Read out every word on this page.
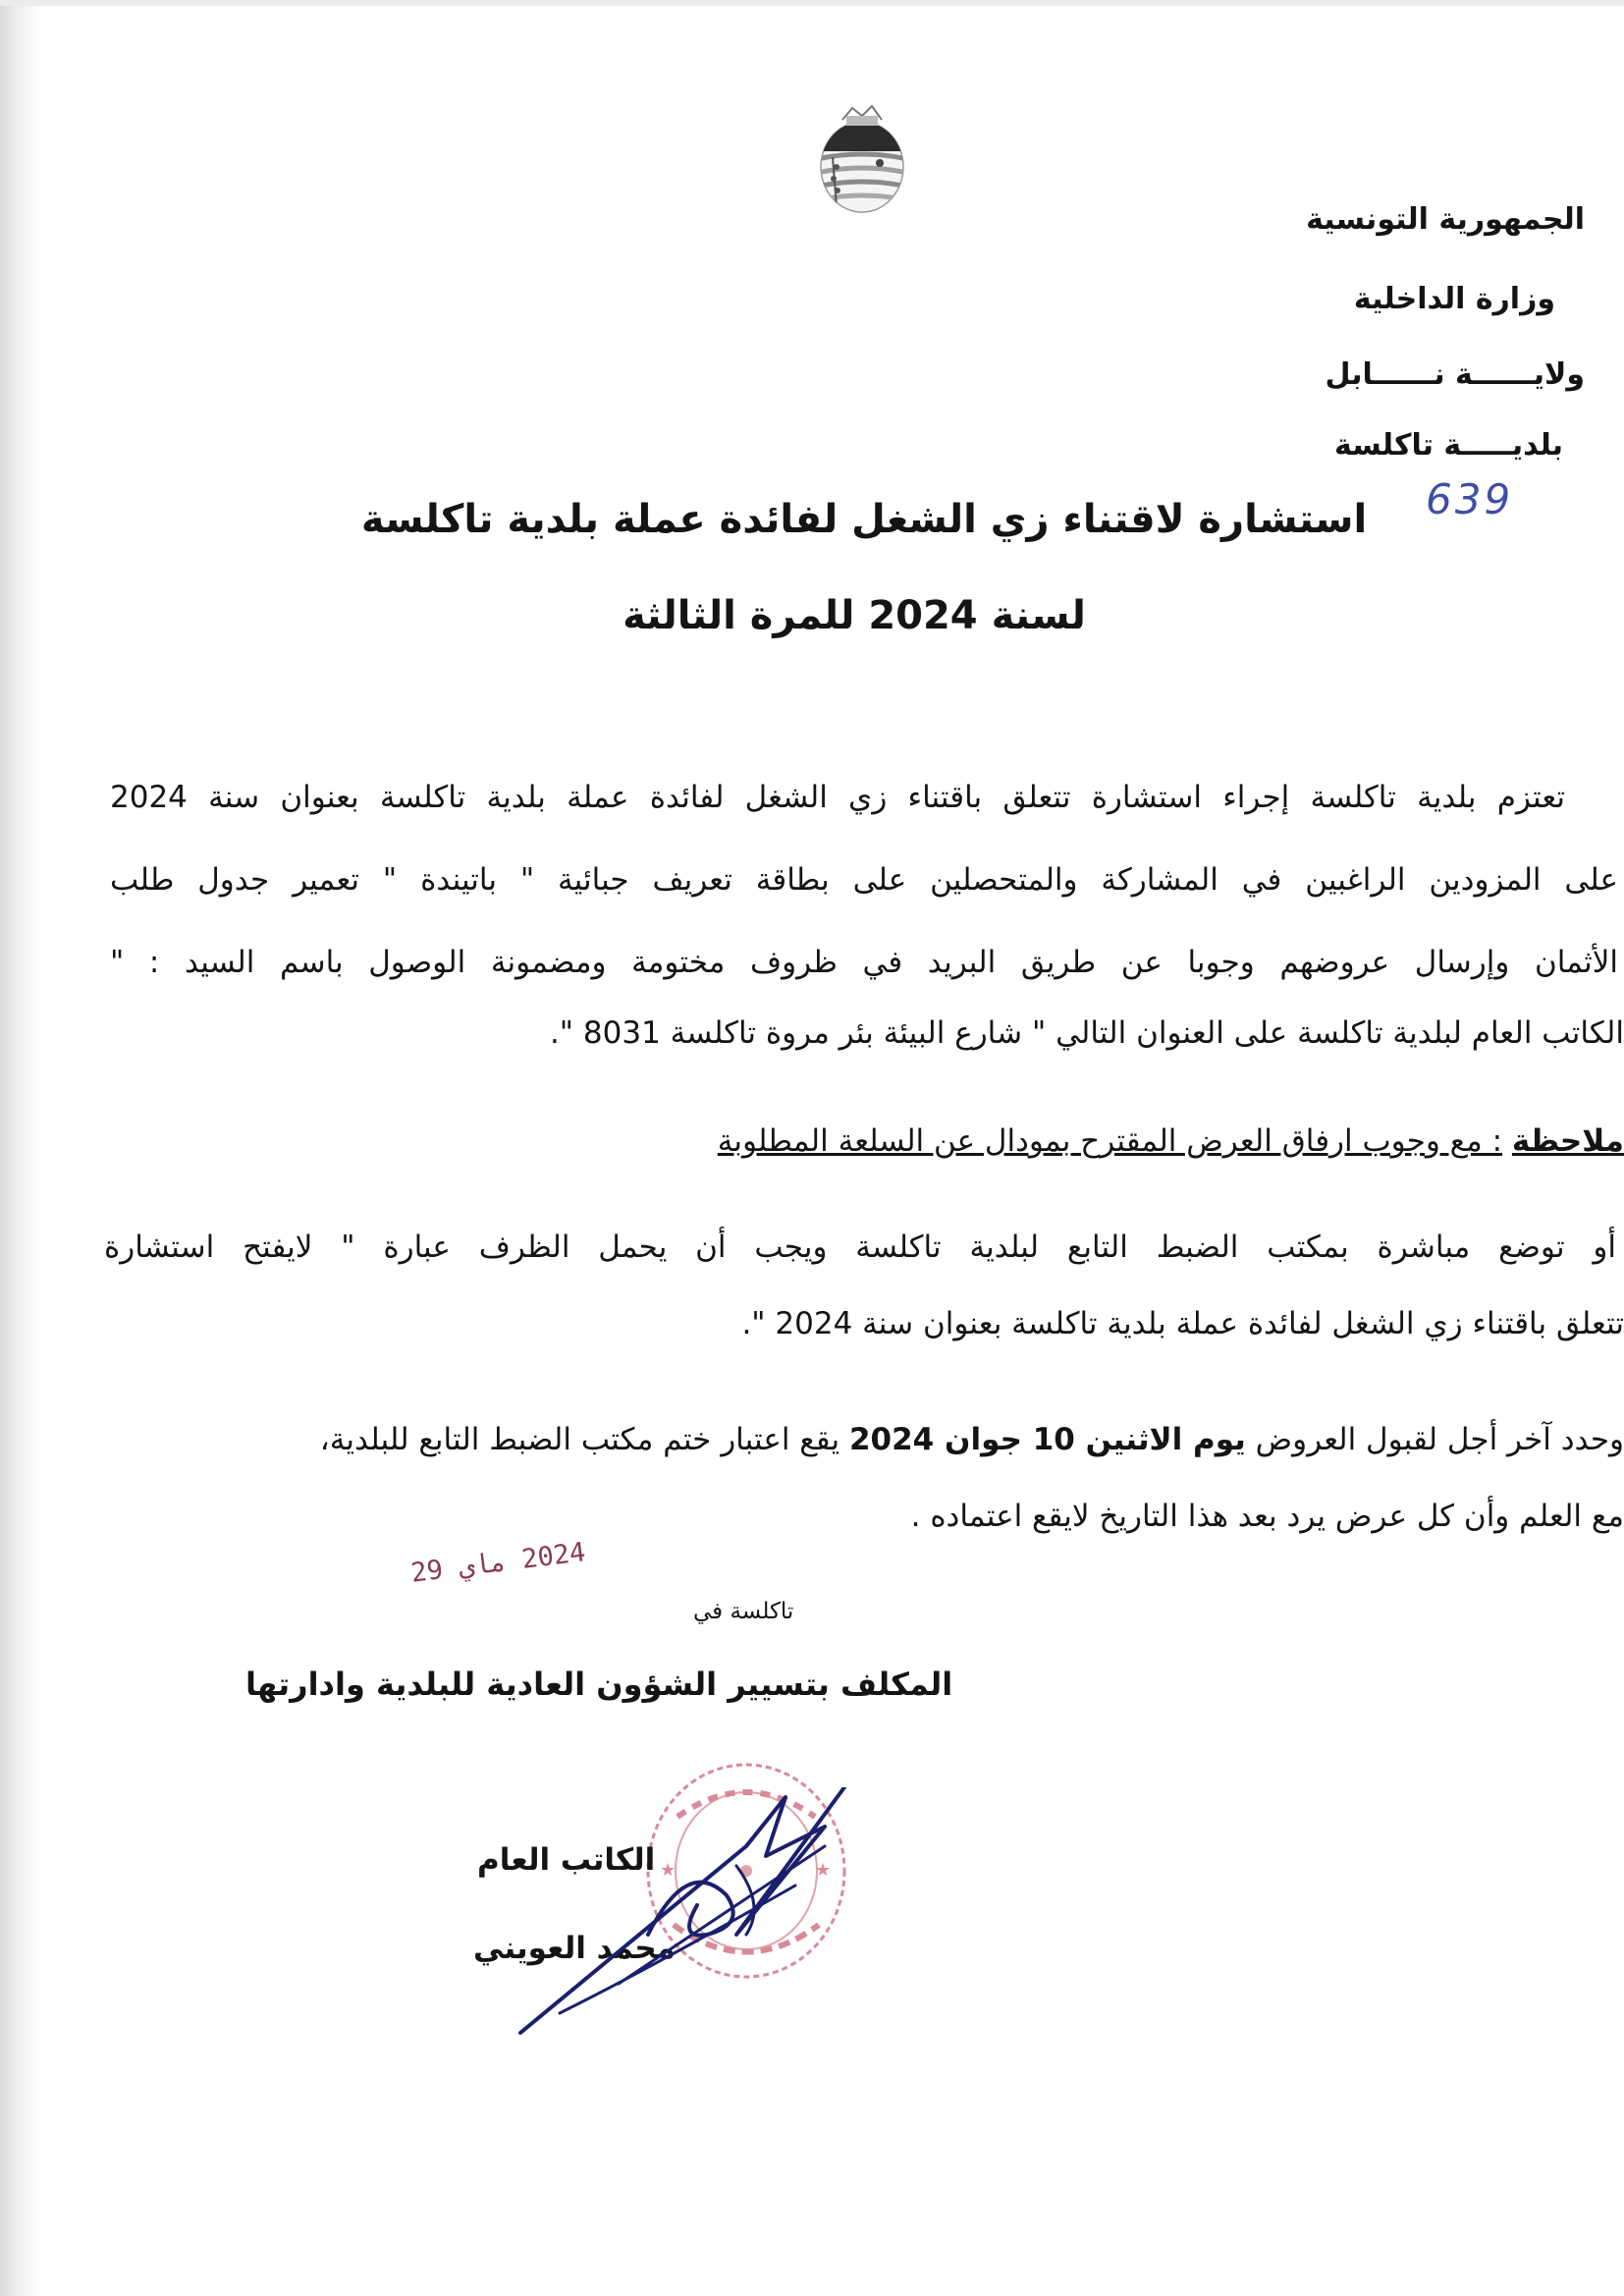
الجمهورية التونسية
وزارة الداخلية
ولايــــــة نــــــابل
بلديـــــة تاكلسة
639
استشارة لاقتناء زي الشغل لفائدة عملة بلدية تاكلسة
لسنة 2024 للمرة الثالثة
تعتزم بلدية تاكلسة إجراء استشارة تتعلق باقتناء زي الشغل لفائدة عملة بلدية تاكلسة بعنوان سنة 2024
على المزودين الراغبين في المشاركة والمتحصلين على بطاقة تعريف جبائية " باتيندة " تعمير جدول طلب
الأثمان وإرسال عروضهم وجوبا عن طريق البريد في ظروف مختومة ومضمونة الوصول باسم السيد : "
الكاتب العام لبلدية تاكلسة على العنوان التالي " شارع البيئة بئر مروة تاكلسة 8031 ".
ملاحظة : مع وجوب ارفاق العرض المقترح بمودال عن السلعة المطلوبة
أو توضع مباشرة بمكتب الضبط التابع لبلدية تاكلسة ويجب أن يحمل الظرف عبارة " لايفتح استشارة
تتعلق باقتناء زي الشغل لفائدة عملة بلدية تاكلسة بعنوان سنة 2024 ".
وحدد آخر أجل لقبول العروض يوم الاثنين 10 جوان 2024 يقع اعتبار ختم مكتب الضبط التابع للبلدية،
مع العلم وأن كل عرض يرد بعد هذا التاريخ لايقع اعتماده .
2024 ماي 29
تاكلسة في
المكلف بتسيير الشؤون العادية للبلدية وادارتها
★	★
الكاتب العام
محمد العويني
